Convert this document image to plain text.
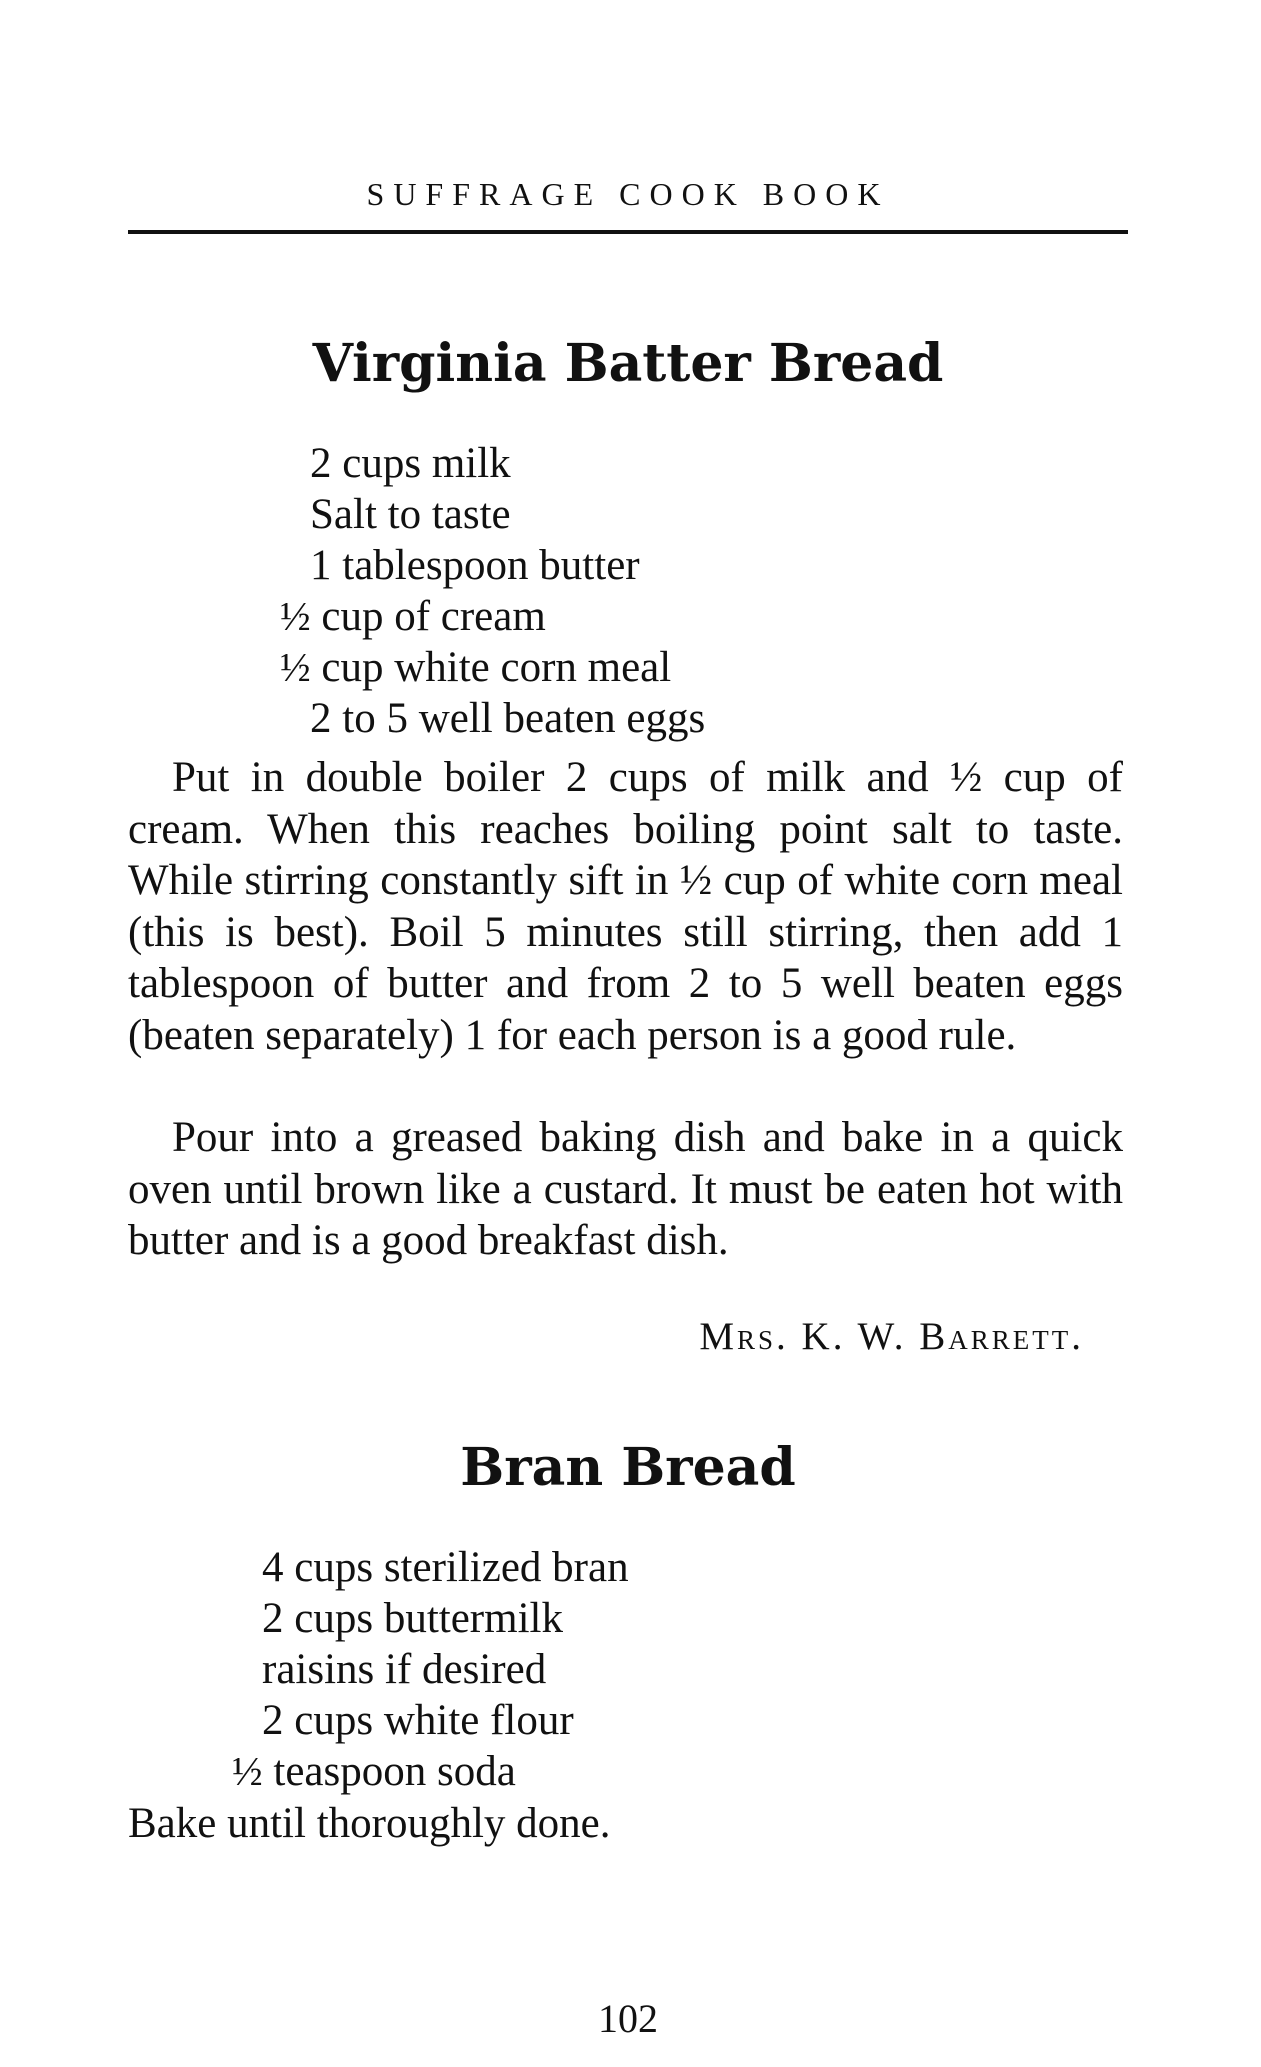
SUFFRAGE COOK BOOK
Virginia Batter Bread
2 cups milk
Salt to taste
1 tablespoon butter
½ cup of cream
½ cup white corn meal
2 to 5 well beaten eggs

Put in double boiler 2 cups of milk and ½ cup of cream. When this reaches boiling point salt to taste. While stirring constantly sift in ½ cup of white corn meal (this is best). Boil 5 minutes still stirring, then add 1 tablespoon of butter and from 2 to 5 well beaten eggs (beaten separately) 1 for each person is a good rule.

Pour into a greased baking dish and bake in a quick oven until brown like a custard. It must be eaten hot with butter and is a good breakfast dish.

Mrs. K. W. Barrett.
Bran Bread
4 cups sterilized bran
2 cups buttermilk
raisins if desired
2 cups white flour
½ teaspoon soda

Bake until thoroughly done.

102
